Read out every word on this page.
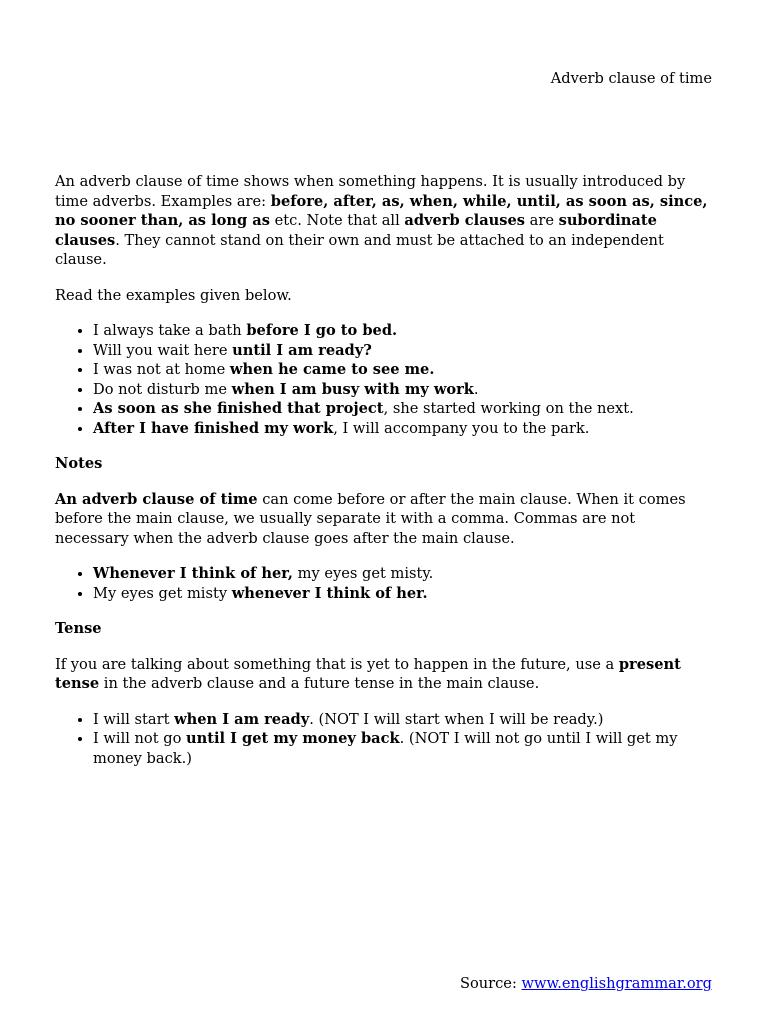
Adverb clause of time

An adverb clause of time shows when something happens. It is usually introduced by time adverbs. Examples are: before, after, as, when, while, until, as soon as, since, no sooner than, as long as etc. Note that all adverb clauses are subordinate clauses. They cannot stand on their own and must be attached to an independent clause.

Read the examples given below.

• I always take a bath before I go to bed.
• Will you wait here until I am ready?
• I was not at home when he came to see me.
• Do not disturb me when I am busy with my work.
• As soon as she finished that project, she started working on the next.
• After I have finished my work, I will accompany you to the park.

Notes

An adverb clause of time can come before or after the main clause. When it comes before the main clause, we usually separate it with a comma. Commas are not necessary when the adverb clause goes after the main clause.

• Whenever I think of her, my eyes get misty.
• My eyes get misty whenever I think of her.

Tense

If you are talking about something that is yet to happen in the future, use a present tense in the adverb clause and a future tense in the main clause.

• I will start when I am ready. (NOT I will start when I will be ready.)
• I will not go until I get my money back. (NOT I will not go until I will get my money back.)

Source: www.englishgrammar.org
